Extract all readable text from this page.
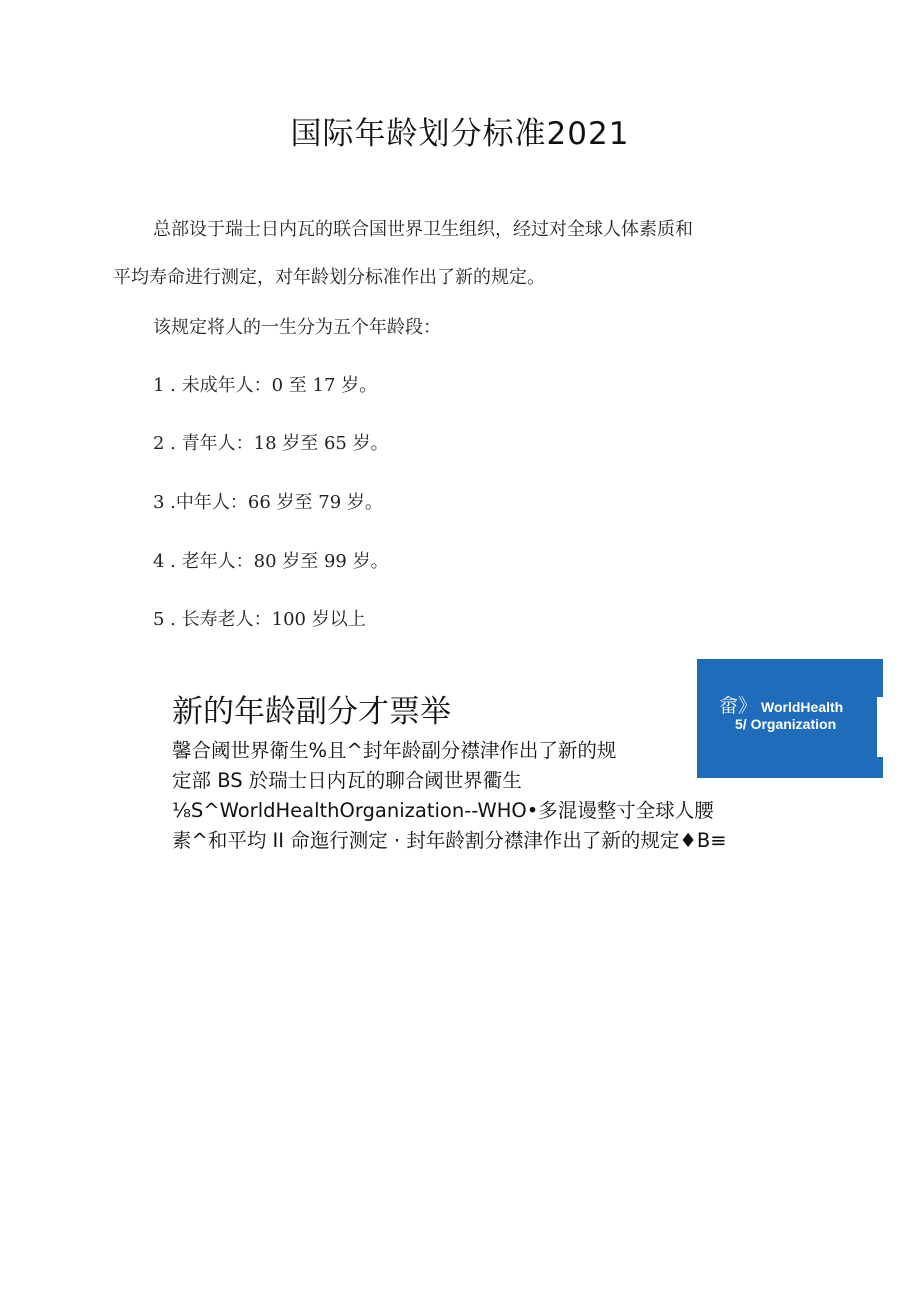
国际年龄划分标准2021
总部设于瑞士日内瓦的联合国世界卫生组织，经过对全球人体素质和
平均寿命进行测定，对年龄划分标准作出了新的规定。
该规定将人的一生分为五个年龄段：
1 . 未成年人：0 至 17 岁。
2 . 青年人：18 岁至 65 岁。
3 .中年人：66 岁至 79 岁。
4 . 老年人：80 岁至 99 岁。
5 . 长寿老人：100 岁以上
新的年龄副分才票举
馨合阈世界衛生%且^封年龄副分襟津作出了新的规
定部 BS 於瑞士日内瓦的聊合阈世界衢生
⅛S^WorldHealthOrganization--WHO•多混谩整寸全球人腰
素^和平均 II 命迤行测定 · 封年龄割分襟津作出了新的规定♦B≡
畲》 WorldHealth
5/ Organization
